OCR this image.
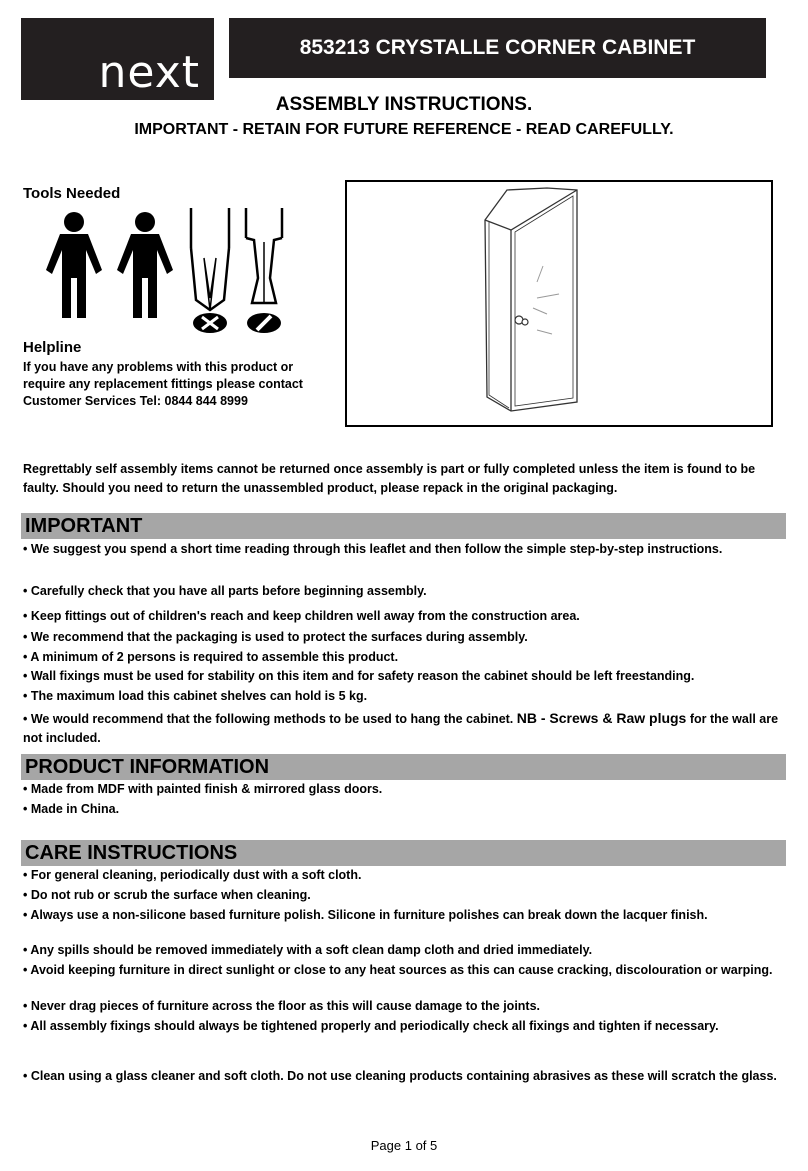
next	853213 CRYSTALLE CORNER CABINET
ASSEMBLY INSTRUCTIONS.
IMPORTANT - RETAIN FOR FUTURE REFERENCE - READ CAREFULLY.
Tools Needed
Helpline
If you have any problems with this product or
require any replacement fittings please contact
Customer Services Tel: 0844 844 8999
Regrettably self assembly items cannot be returned once assembly is part or fully completed unless the item is found to be faulty. Should you need to return the unassembled product, please repack in the original packaging.
IMPORTANT
• We suggest you spend a short time reading through this leaflet and then follow the simple step-by-step instructions.
• Carefully check that you have all parts before beginning assembly.
• Keep fittings out of children's reach and keep children well away from the construction area.
• We recommend that the packaging is used to protect the surfaces during assembly.
• A minimum of 2 persons is required to assemble this product.
• Wall fixings must be used for stability on this item and for safety reason the cabinet should be left freestanding.
• The maximum load this cabinet shelves can hold is 5 kg.
• We would recommend that the following methods to be used to hang the cabinet. NB - Screws & Raw plugs for the wall are not included.
PRODUCT INFORMATION
• Made from MDF with painted finish & mirrored glass doors.
• Made in China.
CARE INSTRUCTIONS
• For general cleaning, periodically dust with a soft cloth.
• Do not rub or scrub the surface when cleaning.
• Always use a non-silicone based furniture polish. Silicone in furniture polishes can break down the lacquer finish.
• Any spills should be removed immediately with a soft clean damp cloth and dried immediately.
• Avoid keeping furniture in direct sunlight or close to any heat sources as this can cause cracking, discolouration or warping.
• Never drag pieces of furniture across the floor as this will cause damage to the joints.
• All assembly fixings should always be tightened properly and periodically check all fixings and tighten if necessary.
• Clean using a glass cleaner and soft cloth. Do not use cleaning products containing abrasives as these will scratch the glass.
Page 1 of 5
